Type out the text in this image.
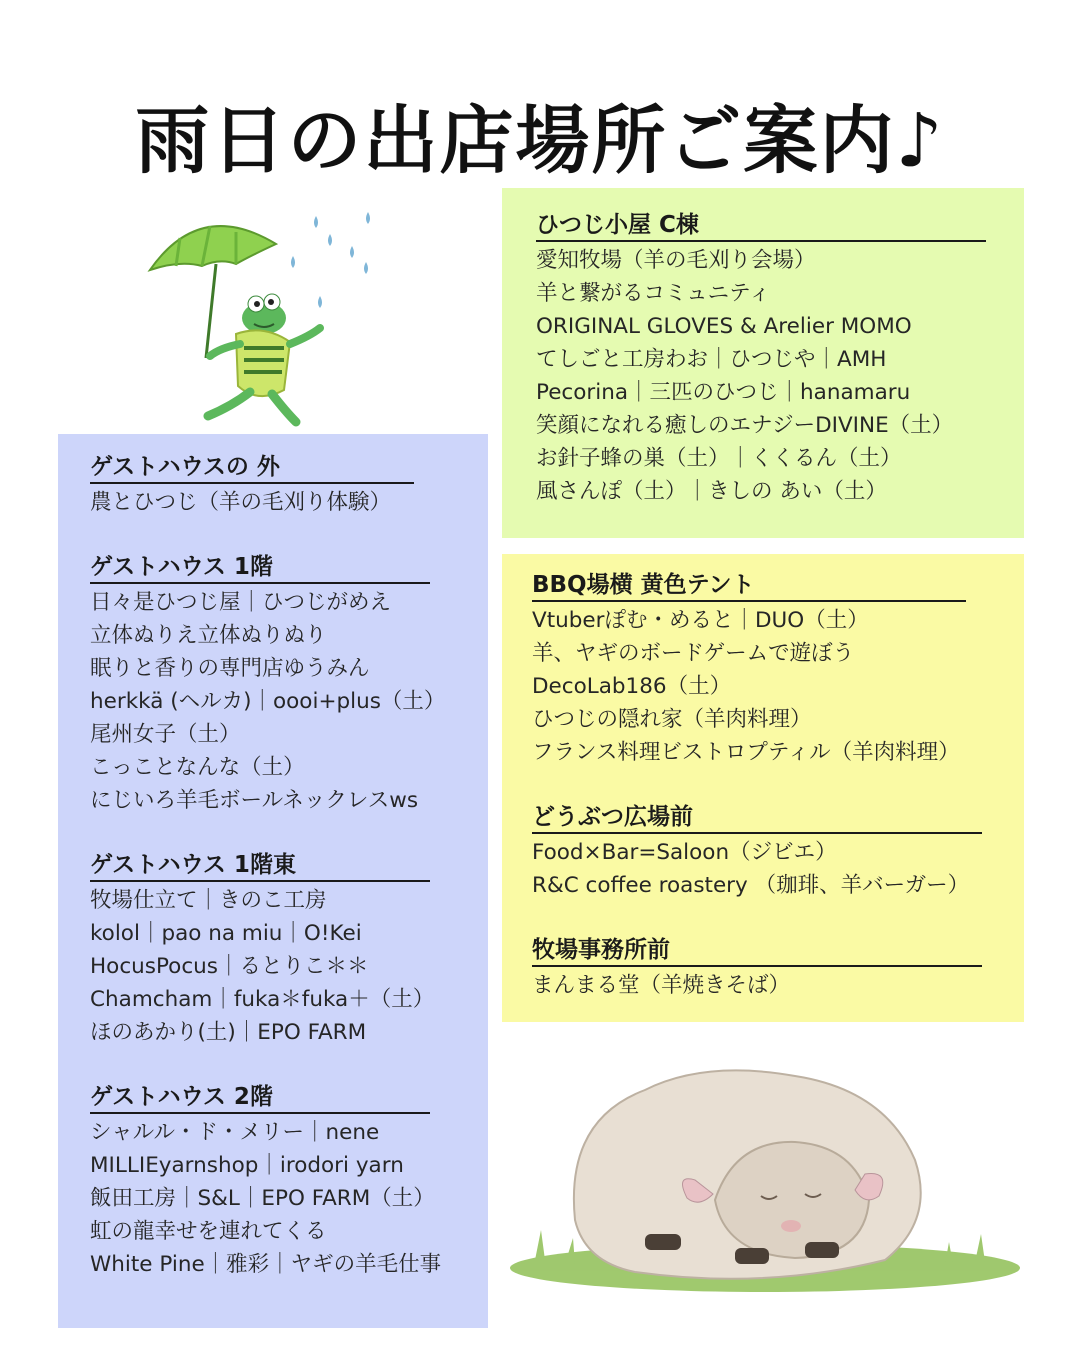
雨日の出店場所ご案内♪
ゲストハウスの 外
農とひつじ（羊の毛刈り体験）
ゲストハウス 1階
日々是ひつじ屋｜ひつじがめえ
立体ぬりえ立体ぬりぬり
眠りと香りの専門店ゆうみん
herkkä (ヘルカ)｜oooi+plus（土）
尾州女子（土）
こっことなんな（土）
にじいろ羊毛ボールネックレスws
ゲストハウス 1階東
牧場仕立て｜きのこ工房
kolol｜pao na miu｜O!Kei
HocusPocus｜るとりこ＊＊
Chamcham｜fuka＊fuka＋（土）
ほのあかり(土)｜EPO FARM
ゲストハウス 2階
シャルル・ド・メリー｜nene
MILLIEyarnshop｜irodori yarn
飯田工房｜S&L｜EPO FARM（土）
虹の龍幸せを連れてくる
White Pine｜雅彩｜ヤギの羊毛仕事
ひつじ小屋 C棟
愛知牧場（羊の毛刈り会場）
羊と繋がるコミュニティ
ORIGINAL GLOVES & Arelier MOMO
てしごと工房わお｜ひつじや｜AMH
Pecorina｜三匹のひつじ｜hanamaru
笑顔になれる癒しのエナジーDIVINE（土）
お針子蜂の巣（土）｜くくるん（土）
風さんぽ（土）｜きしの あい（土）
BBQ場横 黄色テント
Vtuberぽむ・めると｜DUO（土）
羊、ヤギのボードゲームで遊ぼう
DecoLab186（土）
ひつじの隠れ家（羊肉料理）
フランス料理ビストロプティル（羊肉料理）
どうぶつ広場前
Food×Bar=Saloon（ジビエ）
R&C coffee roastery （珈琲、羊バーガー）
牧場事務所前
まんまる堂（羊焼きそば）
